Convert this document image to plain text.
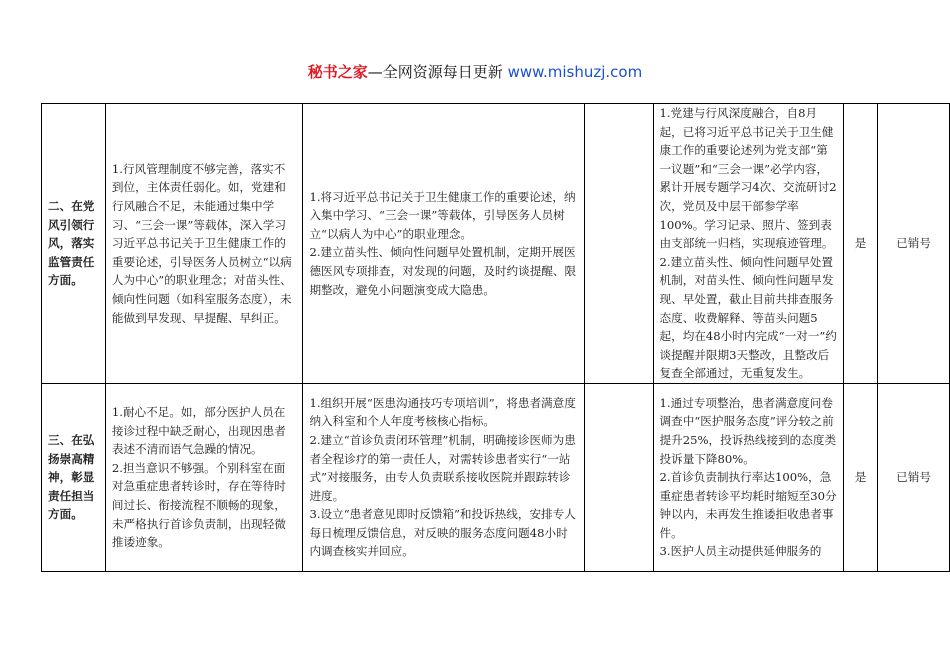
秘书之家—全网资源每日更新 www.mishuzj.com
二、在党风引领行风，落实监管责任方面。	1.行风管理制度不够完善，落实不到位，主体责任弱化。如，党建和行风融合不足，未能通过集中学习、“三会一课”等载体，深入学习习近平总书记关于卫生健康工作的重要论述，引导医务人员树立“以病人为中心”的职业理念；对苗头性、倾向性问题（如科室服务态度），未能做到早发现、早提醒、早纠正。	1.将习近平总书记关于卫生健康工作的重要论述，纳入集中学习、“三会一课”等载体，引导医务人员树立“以病人为中心”的职业理念。
2.建立苗头性、倾向性问题早处置机制，定期开展医德医风专项排查，对发现的问题，及时约谈提醒、限期整改，避免小问题演变成大隐患。		1.党建与行风深度融合，自8月起，已将习近平总书记关于卫生健康工作的重要论述列为党支部“第一议题”和“三会一课”必学内容，累计开展专题学习4次、交流研讨2次，党员及中层干部参学率100%。学习记录、照片、签到表由支部统一归档，实现痕迹管理。
2.建立苗头性、倾向性问题早处置机制，对苗头性、倾向性问题早发现、早处置，截止目前共排查服务态度、收费解释、等苗头问题5起，均在48小时内完成“一对一”约谈提醒并限期3天整改，且整改后复查全部通过，无重复发生。	是	已销号
三、在弘扬崇高精神，彰显责任担当方面。	1.耐心不足。如，部分医护人员在接诊过程中缺乏耐心，出现因患者表述不清而语气急躁的情况。
2.担当意识不够强。个别科室在面对急重症患者转诊时，存在等待时间过长、衔接流程不顺畅的现象，未严格执行首诊负责制，出现轻微推诿迹象。	1.组织开展“医患沟通技巧专项培训”，将患者满意度纳入科室和个人年度考核核心指标。
2.建立“首诊负责闭环管理”机制，明确接诊医师为患者全程诊疗的第一责任人，对需转诊患者实行“一站式”对接服务，由专人负责联系接收医院并跟踪转诊进度。
3.设立“患者意见即时反馈箱”和投诉热线，安排专人每日梳理反馈信息，对反映的服务态度问题48小时内调查核实并回应。		1.通过专项整治，患者满意度问卷调查中“医护服务态度”评分较之前提升25%，投诉热线接到的态度类投诉量下降80%。
2.首诊负责制执行率达100%，急重症患者转诊平均耗时缩短至30分钟以内，未再发生推诿拒收患者事件。
3.医护人员主动提供延伸服务的	是	已销号
